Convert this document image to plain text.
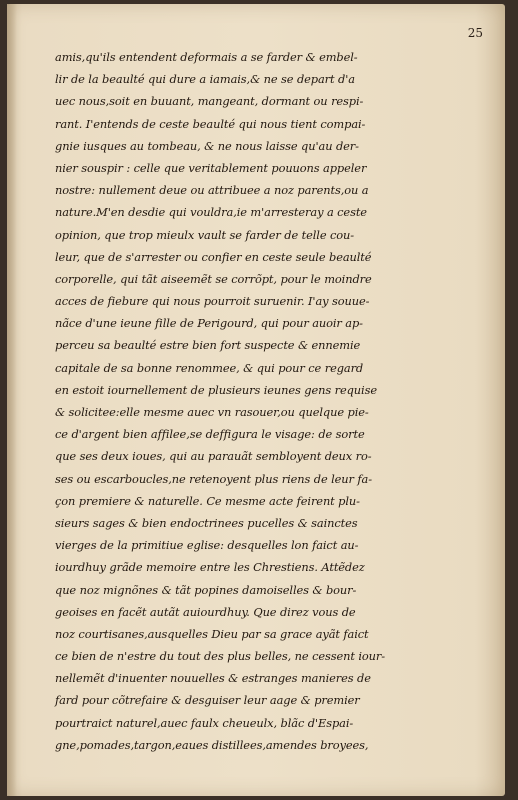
25
amis,qu'ils entendent deformais a se farder & embel-
lir de la beaulté qui dure a iamais,& ne se depart d'a
uec nous,soit en buuant, mangeant, dormant ou respi-
rant. I'entends de ceste beaulté qui nous tient compai-
gnie iusques au tombeau, & ne nous laisse qu'au der-
nier souspir : celle que veritablement pouuons appeler
nostre: nullement deue ou attribuee a noz parents,ou a
nature.M'en desdie qui vouldra,ie m'arresteray a ceste
opinion, que trop mieulx vault se farder de telle cou-
leur, que de s'arrester ou confier en ceste seule beaulté
corporelle, qui tãt aiseemẽt se corrõpt, pour le moindre
acces de fiebure qui nous pourroit suruenir. I'ay souue-
nãce d'une ieune fille de Perigourd, qui pour auoir ap-
perceu sa beaulté estre bien fort suspecte & ennemie
capitale de sa bonne renommee, & qui pour ce regard
en estoit iournellement de plusieurs ieunes gens requise
& solicitee:elle mesme auec vn rasouer,ou quelque pie-
ce d'argent bien affilee,se deffigura le visage: de sorte
que ses deux ioues, qui au parauãt sembloyent deux ro-
ses ou escarboucles,ne retenoyent plus riens de leur fa-
çon premiere & naturelle. Ce mesme acte feirent plu-
sieurs sages & bien endoctrinees pucelles & sainctes
vierges de la primitiue eglise: desquelles lon faict au-
iourdhuy grãde memoire entre les Chrestiens. Attẽdez
que noz mignõnes & tãt popines damoiselles & bour-
geoises en facẽt autãt auiourdhuy. Que direz vous de
noz courtisanes,ausquelles Dieu par sa grace ayãt faict
ce bien de n'estre du tout des plus belles, ne cessent iour-
nellemẽt d'inuenter nouuelles & estranges manieres de
fard pour cõtrefaire & desguiser leur aage & premier
pourtraict naturel,auec faulx cheueulx, blãc d'Espai-
gne,pomades,targon,eaues distillees,amendes broyees,
